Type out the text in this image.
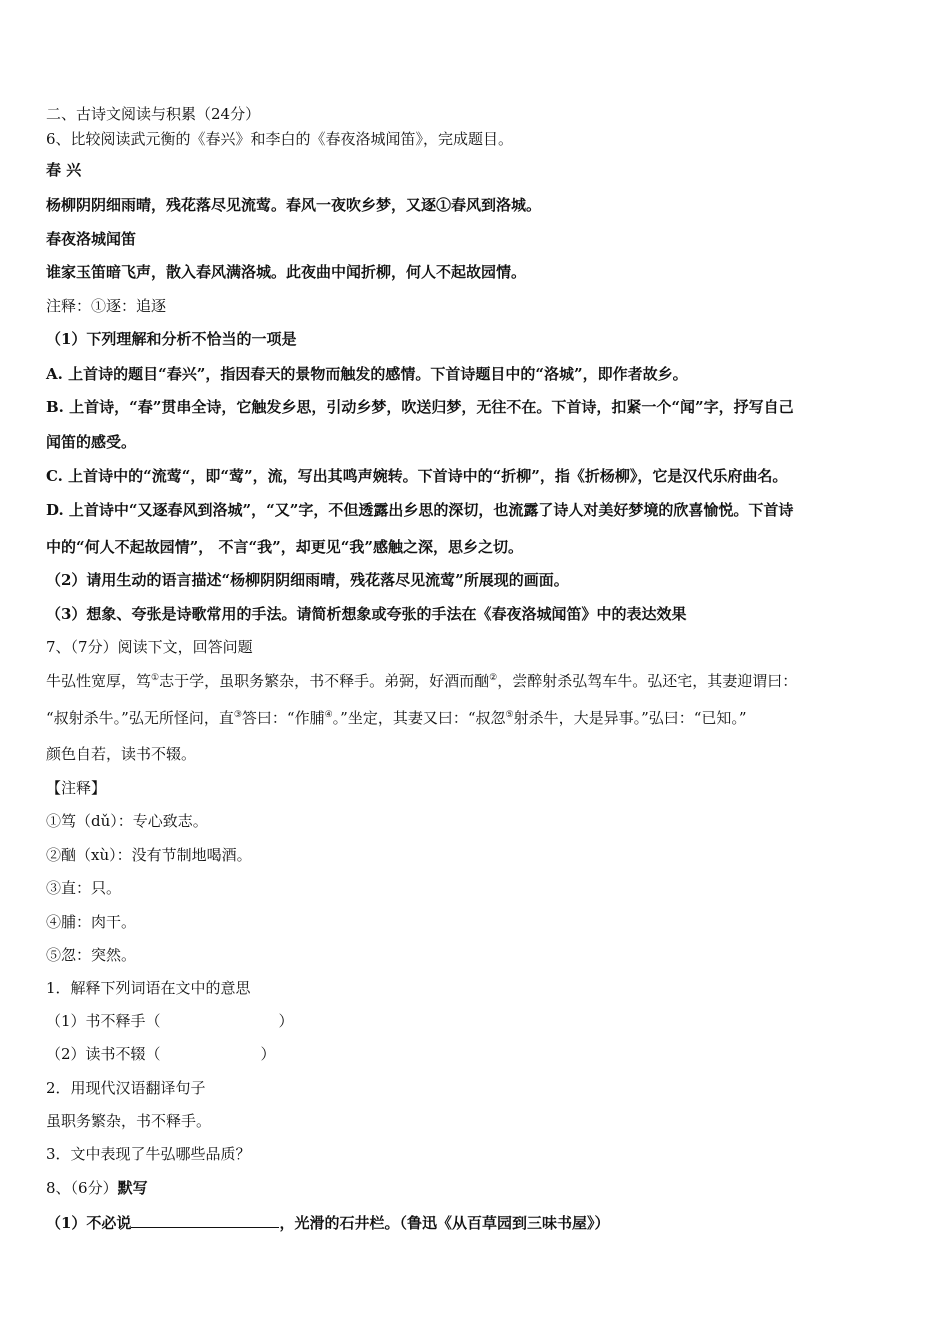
二、古诗文阅读与积累（24分）
6、比较阅读武元衡的《春兴》和李白的《春夜洛城闻笛》，完成题目。
春 兴
杨柳阴阴细雨晴，残花落尽见流莺。春风一夜吹乡梦，又逐①春风到洛城。
春夜洛城闻笛
谁家玉笛暗飞声，散入春风满洛城。此夜曲中闻折柳，何人不起故园情。
注释：①逐：追逐
（1）下列理解和分析不恰当的一项是
A. 上首诗的题目“春兴”，指因春天的景物而触发的感情。下首诗题目中的“洛城”，即作者故乡。
B. 上首诗，“春”贯串全诗，它触发乡思，引动乡梦，吹送归梦，无往不在。下首诗，扣紧一个“闻”字，抒写自己
闻笛的感受。
C. 上首诗中的“流莺“，即“莺”，流，写出其鸣声婉转。下首诗中的“折柳”，指《折杨柳》，它是汉代乐府曲名。
D. 上首诗中“又逐春风到洛城”，“又”字，不但透露出乡思的深切，也流露了诗人对美好梦境的欣喜愉悦。下首诗
中的“何人不起故园情”， 不言“我”，却更见“我”感触之深，思乡之切。
（2）请用生动的语言描述“杨柳阴阴细雨晴，残花落尽见流莺”所展现的画面。
（3）想象、夸张是诗歌常用的手法。请简析想象或夸张的手法在《春夜洛城闻笛》中的表达效果
7、（7分）阅读下文，回答问题
牛弘性宽厚，笃①志于学，虽职务繁杂，书不释手。弟弼，好酒而酗②，尝醉射杀弘驾车牛。弘还宅，其妻迎谓曰：
“叔射杀牛。”弘无所怪问，直③答曰：“作脯④。”坐定，其妻又曰：“叔忽⑤射杀牛，大是异事。”弘曰：“已知。”
颜色自若，读书不辍。
【注释】
①笃（dǔ）：专心致志。
②酗（xù）：没有节制地喝酒。
③直：只。
④脯：肉干。
⑤忽：突然。
1．解释下列词语在文中的意思
（1）书不释手（	）
（2）读书不辍（	）
2．用现代汉语翻译句子
虽职务繁杂，书不释手。
3．文中表现了牛弘哪些品质？
8、（6分）默写
（1）不必说	，光滑的石井栏。（鲁迅《从百草园到三味书屋》）
